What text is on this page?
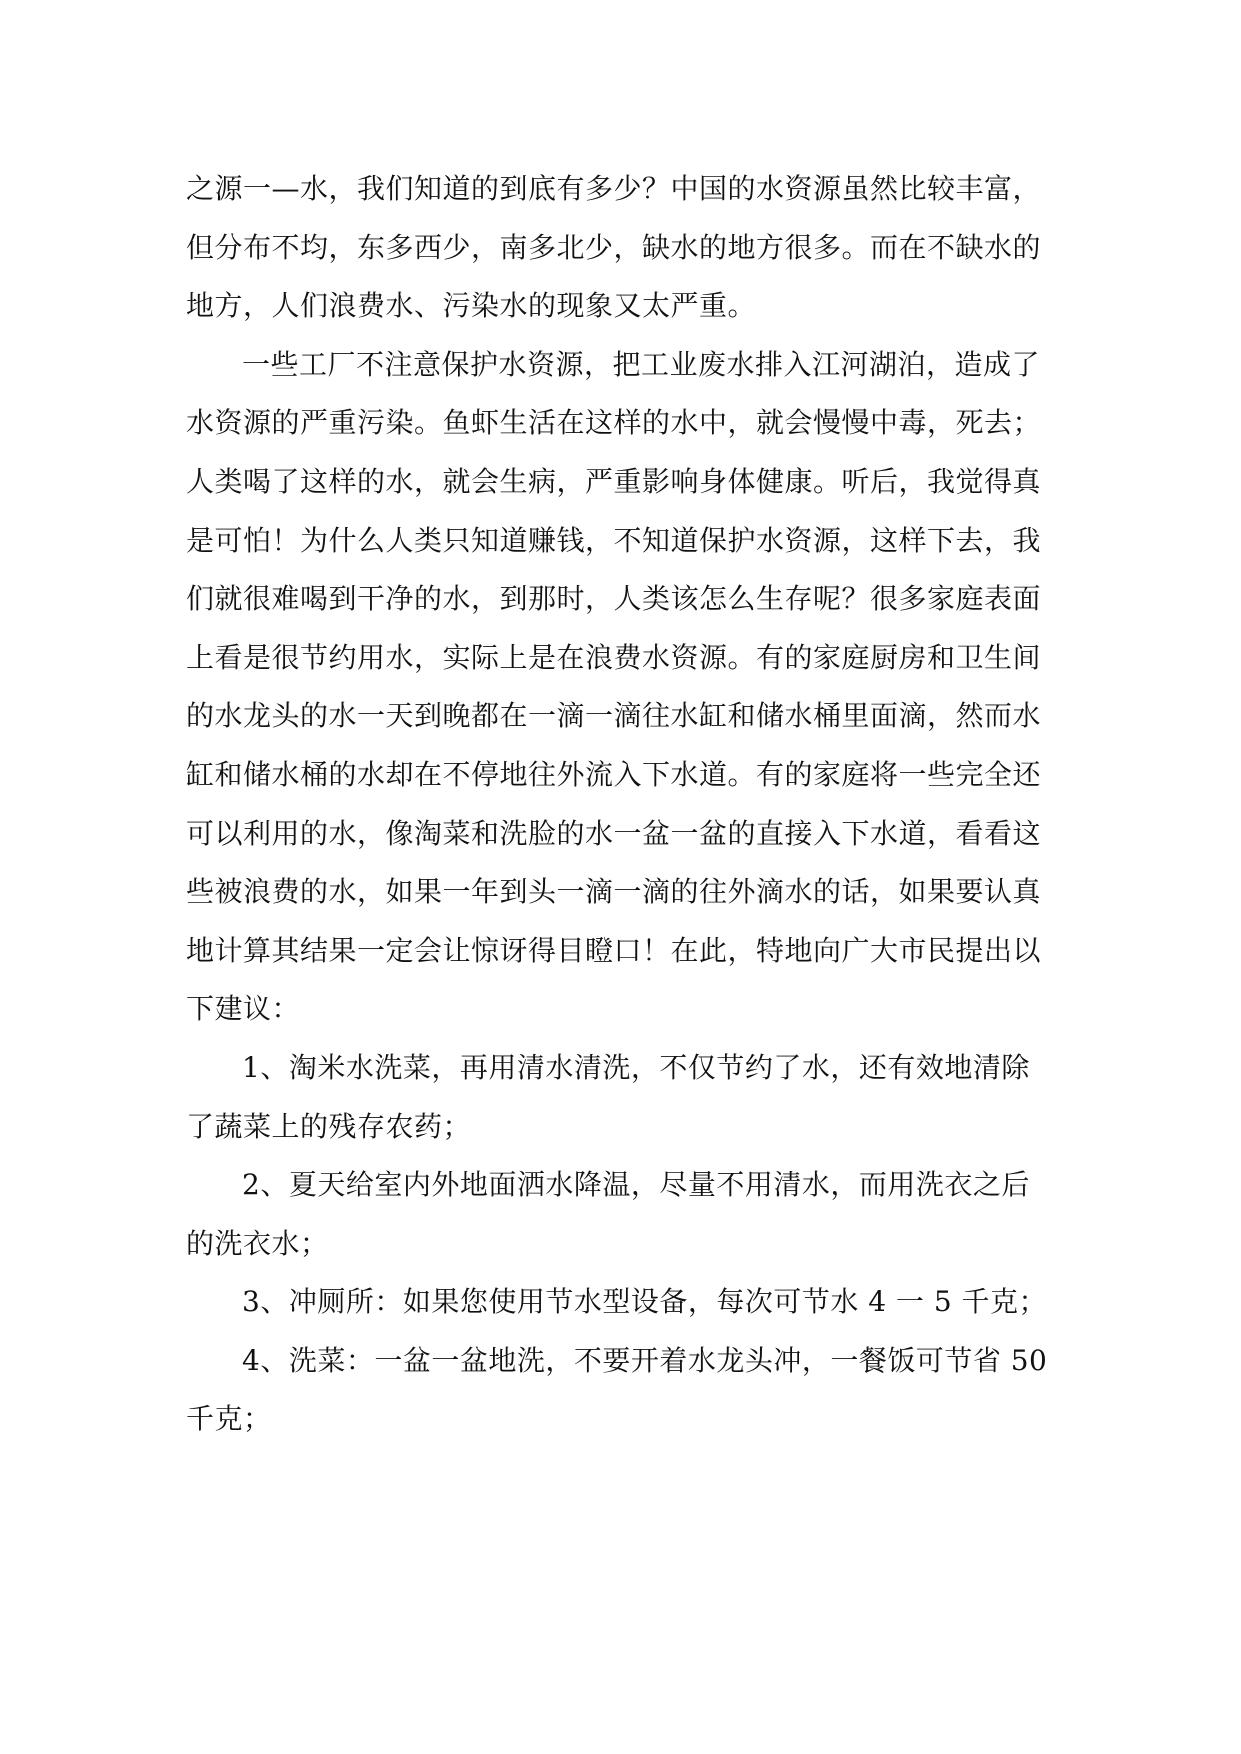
之源一—水，我们知道的到底有多少？中国的水资源虽然比较丰富，
但分布不均，东多西少，南多北少，缺水的地方很多。而在不缺水的
地方，人们浪费水、污染水的现象又太严重。
一些工厂不注意保护水资源，把工业废水排入江河湖泊，造成了
水资源的严重污染。鱼虾生活在这样的水中，就会慢慢中毒，死去；
人类喝了这样的水，就会生病，严重影响身体健康。听后，我觉得真
是可怕！为什么人类只知道赚钱，不知道保护水资源，这样下去，我
们就很难喝到干净的水，到那时，人类该怎么生存呢？很多家庭表面
上看是很节约用水，实际上是在浪费水资源。有的家庭厨房和卫生间
的水龙头的水一天到晚都在一滴一滴往水缸和储水桶里面滴，然而水
缸和储水桶的水却在不停地往外流入下水道。有的家庭将一些完全还
可以利用的水，像淘菜和洗脸的水一盆一盆的直接入下水道，看看这
些被浪费的水，如果一年到头一滴一滴的往外滴水的话，如果要认真
地计算其结果一定会让惊讶得目瞪口！在此，特地向广大市民提出以
下建议：
1、淘米水洗菜，再用清水清洗，不仅节约了水，还有效地清除
了蔬菜上的残存农药；
2、夏天给室内外地面洒水降温，尽量不用清水，而用洗衣之后
的洗衣水；
3、冲厕所：如果您使用节水型设备，每次可节水 4 一 5 千克；
4、洗菜：一盆一盆地洗，不要开着水龙头冲，一餐饭可节省 50
千克；
